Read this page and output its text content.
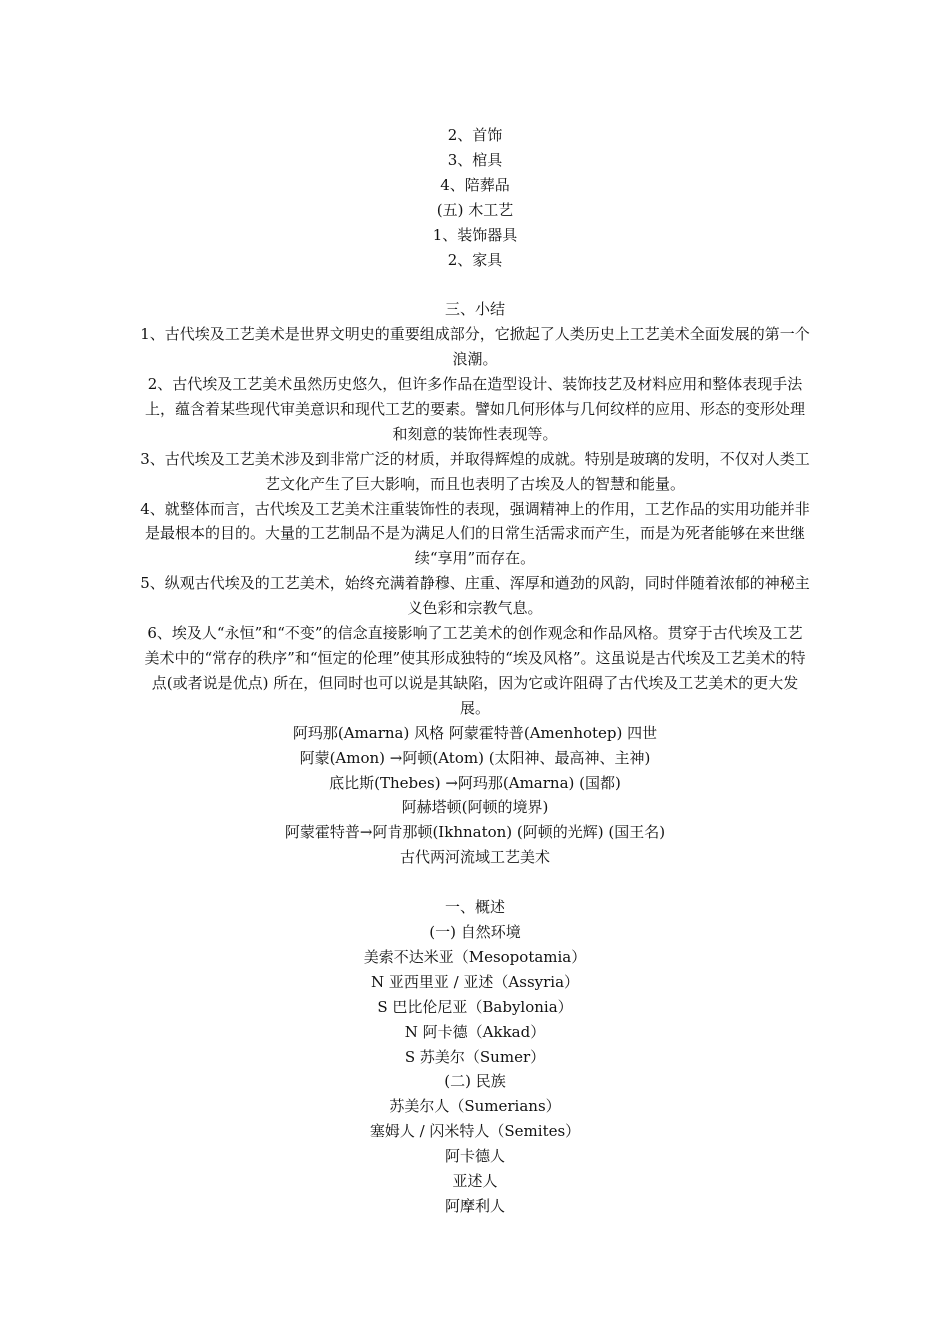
2、首饰
3、棺具
4、陪葬品
(五) 木工艺
1、装饰器具
2、家具
三、小结

1、古代埃及工艺美术是世界文明史的重要组成部分，它掀起了人类历史上工艺美术全面发展的第一个浪潮。

2、古代埃及工艺美术虽然历史悠久，但许多作品在造型设计、装饰技艺及材料应用和整体表现手法上，蕴含着某些现代审美意识和现代工艺的要素。譬如几何形体与几何纹样的应用、形态的变形处理和刻意的装饰性表现等。

3、古代埃及工艺美术涉及到非常广泛的材质，并取得辉煌的成就。特别是玻璃的发明，不仅对人类工艺文化产生了巨大影响，而且也表明了古埃及人的智慧和能量。

4、就整体而言，古代埃及工艺美术注重装饰性的表现，强调精神上的作用，工艺作品的实用功能并非是最根本的目的。大量的工艺制品不是为满足人们的日常生活需求而产生，而是为死者能够在来世继续“享用”而存在。

5、纵观古代埃及的工艺美术，始终充满着静穆、庄重、浑厚和遒劲的风韵，同时伴随着浓郁的神秘主义色彩和宗教气息。

6、埃及人“永恒”和“不变”的信念直接影响了工艺美术的创作观念和作品风格。贯穿于古代埃及工艺美术中的“常存的秩序”和“恒定的伦理”使其形成独特的“埃及风格”。这虽说是古代埃及工艺美术的特点(或者说是优点) 所在，但同时也可以说是其缺陷，因为它或许阻碍了古代埃及工艺美术的更大发展。

阿玛那(Amarna) 风格 阿蒙霍特普(Amenhotep) 四世
阿蒙(Amon) →阿顿(Atom) (太阳神、最高神、主神)
底比斯(Thebes) →阿玛那(Amarna) (国都)
阿赫塔顿(阿顿的境界)
阿蒙霍特普→阿肯那顿(Ikhnaton) (阿顿的光辉) (国王名)
古代两河流域工艺美术
一、概述
(一) 自然环境
美索不达米亚（Mesopotamia）
N 亚西里亚 / 亚述（Assyria）
S 巴比伦尼亚（Babylonia）
N 阿卡德（Akkad）
S 苏美尔（Sumer）
(二) 民族
苏美尔人（Sumerians）
塞姆人 / 闪米特人（Semites）
阿卡德人
亚述人
阿摩利人
